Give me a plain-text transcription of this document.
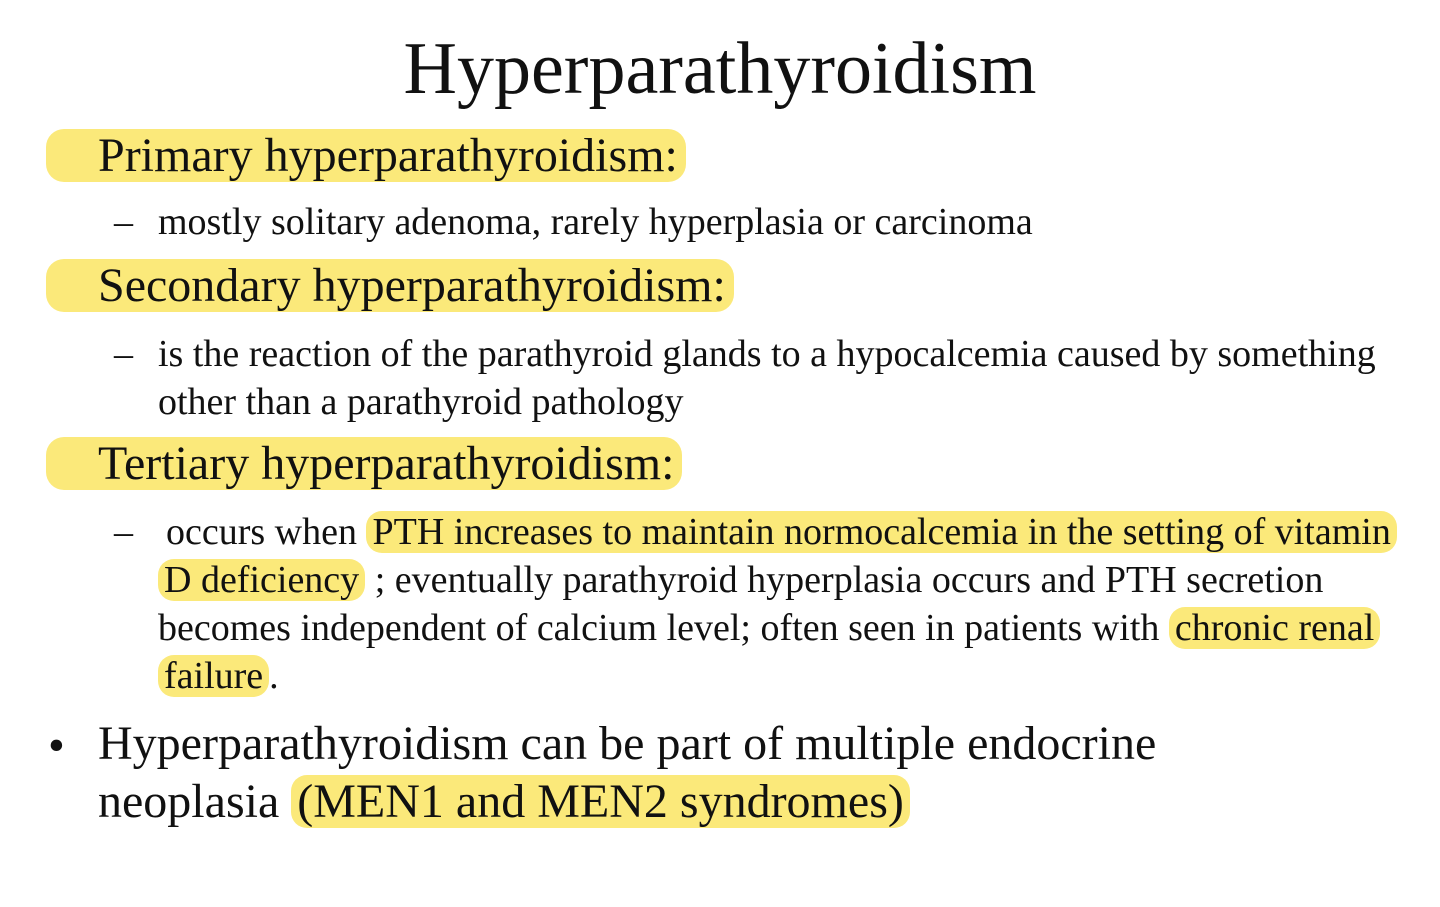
Hyperparathyroidism
Primary hyperparathyroidism:
– mostly solitary adenoma, rarely hyperplasia or carcinoma
Secondary hyperparathyroidism:
– is the reaction of the parathyroid glands to a hypocalcemia caused by something other than a parathyroid pathology
Tertiary hyperparathyroidism:
– occurs when PTH increases to maintain normocalcemia in the setting of vitamin D deficiency ; eventually parathyroid hyperplasia occurs and PTH secretion becomes independent of calcium level; often seen in patients with chronic renal failure .
• Hyperparathyroidism can be part of multiple endocrine neoplasia (MEN1 and MEN2 syndromes)
